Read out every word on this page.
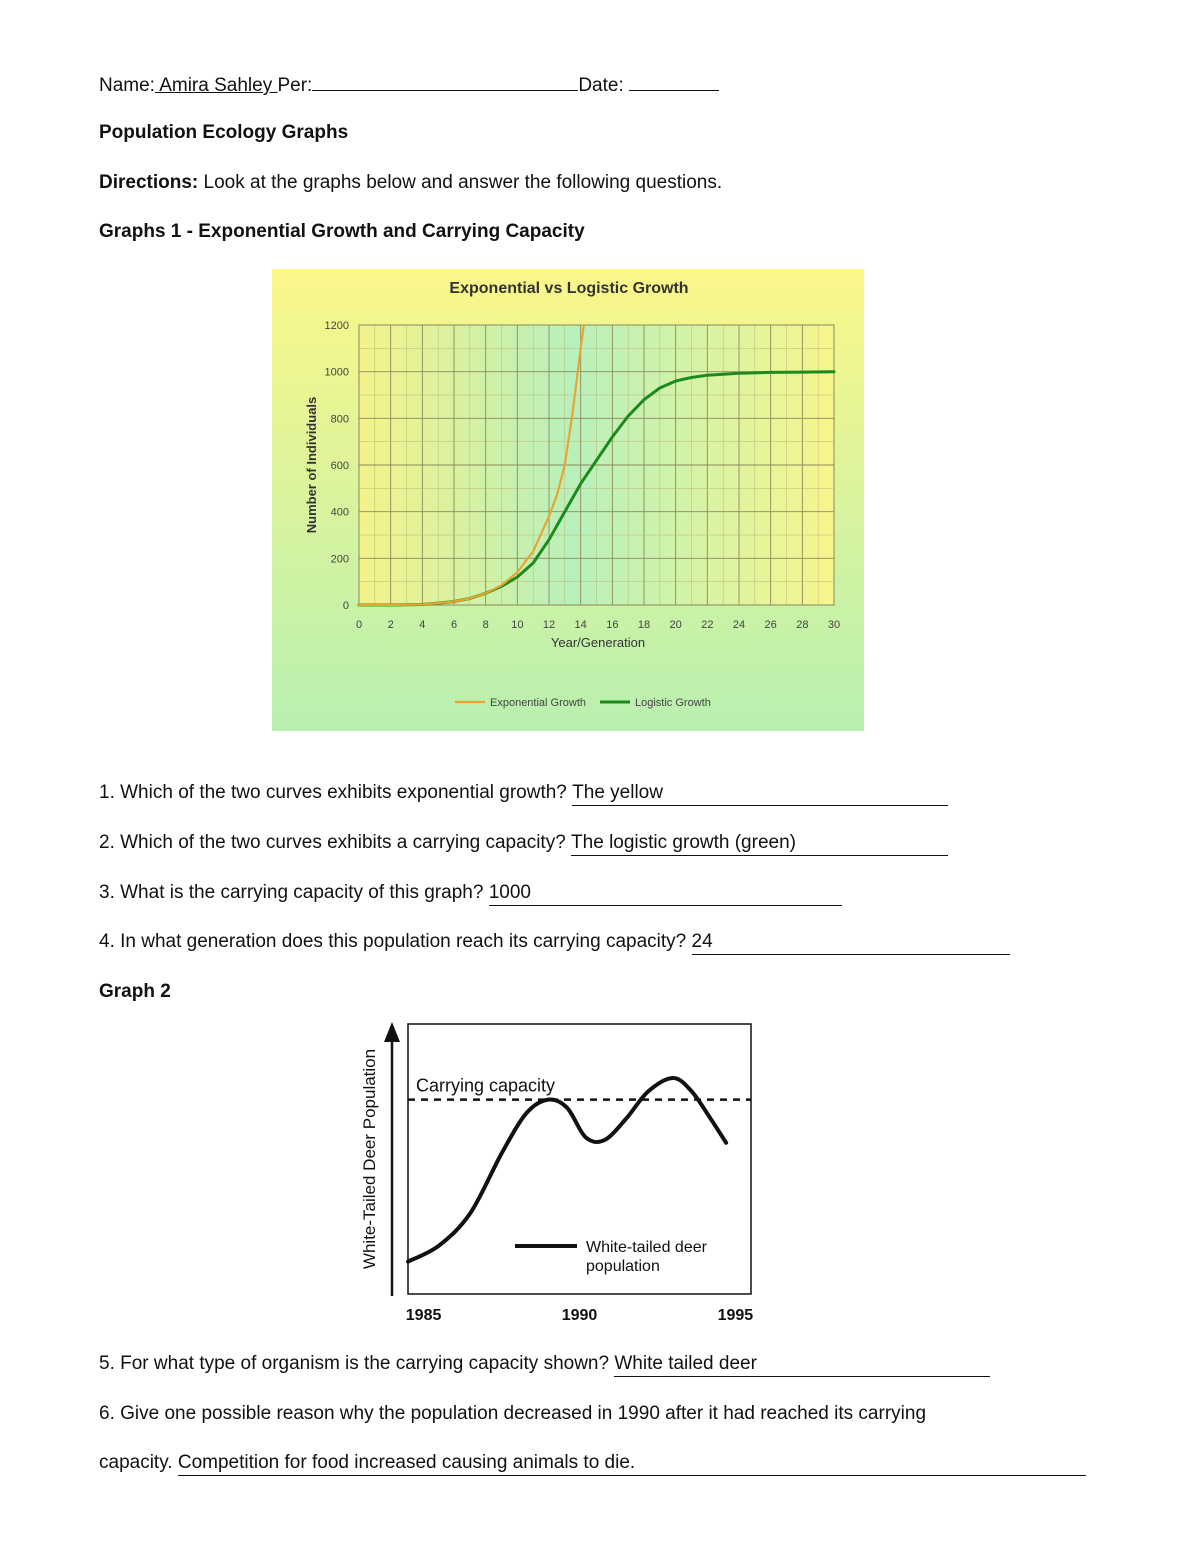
Name: Amira Sahley Per:	Date:
Population Ecology Graphs
Directions: Look at the graphs below and answer the following questions.
Graphs 1 - Exponential Growth and Carrying Capacity
Exponential vs Logistic Growth
0
200
400
600
800
1000
1200
0 2 4 6 8 10 12 14 16 18 20 22 24 26 28 30
Year/Generation
Number of Individuals
Exponential Growth	Logistic Growth
1. Which of the two curves exhibits exponential growth? The yellow
2. Which of the two curves exhibits a carrying capacity? The logistic growth (green)
3. What is the carrying capacity of this graph? 1000
4. In what generation does this population reach its carrying capacity? 24
Graph 2
White-Tailed Deer Population Carrying capacity
1985	1990	1995
White-tailed deer
population
5. For what type of organism is the carrying capacity shown? White tailed deer
6. Give one possible reason why the population decreased in 1990 after it had reached its carrying
capacity. Competition for food increased causing animals to die.
